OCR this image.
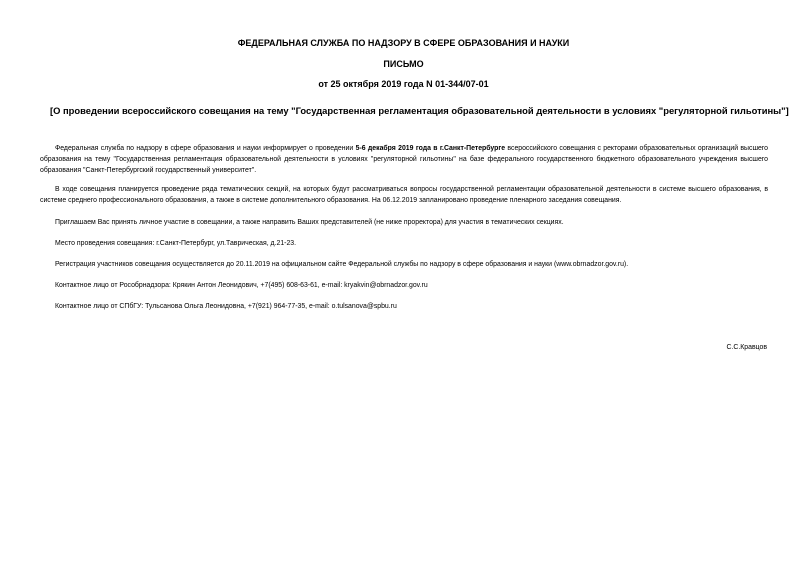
ФЕДЕРАЛЬНАЯ СЛУЖБА ПО НАДЗОРУ В СФЕРЕ ОБРАЗОВАНИЯ И НАУКИ
ПИСЬМО
от 25 октября 2019 года N 01-344/07-01
[О проведении всероссийского совещания на тему "Государственная регламентация образовательной деятельности в условиях "регуляторной гильотины"]
Федеральная служба по надзору в сфере образования и науки информирует о проведении 5-6 декабря 2019 года в г.Санкт-Петербурге всероссийского совещания с ректорами образовательных организаций высшего образования на тему "Государственная регламентация образовательной деятельности в условиях "регуляторной гильотины" на базе федерального государственного бюджетного образовательного учреждения высшего образования "Санкт-Петербургский государственный университет".
В ходе совещания планируется проведение ряда тематических секций, на которых будут рассматриваться вопросы государственной регламентации образовательной деятельности в системе высшего образования, в системе среднего профессионального образования, а также в системе дополнительного образования. На 06.12.2019 запланировано проведение пленарного заседания совещания.
Приглашаем Вас принять личное участие в совещании, а также направить Ваших представителей (не ниже проректора) для участия в тематических секциях.
Место проведения совещания: г.Санкт-Петербург, ул.Таврическая, д.21-23.
Регистрация участников совещания осуществляется до 20.11.2019 на официальном сайте Федеральной службы по надзору в сфере образования и науки (www.obrnadzor.gov.ru).
Контактное лицо от Рособрнадзора: Крякин Антон Леонидович, +7(495) 608-63-61, e-mail: kryakvin@obrnadzor.gov.ru
Контактное лицо от СПбГУ: Тульсанова Ольга Леонидовна, +7(921) 964-77-35, e-mail: o.tulsanova@spbu.ru
С.С.Кравцов
